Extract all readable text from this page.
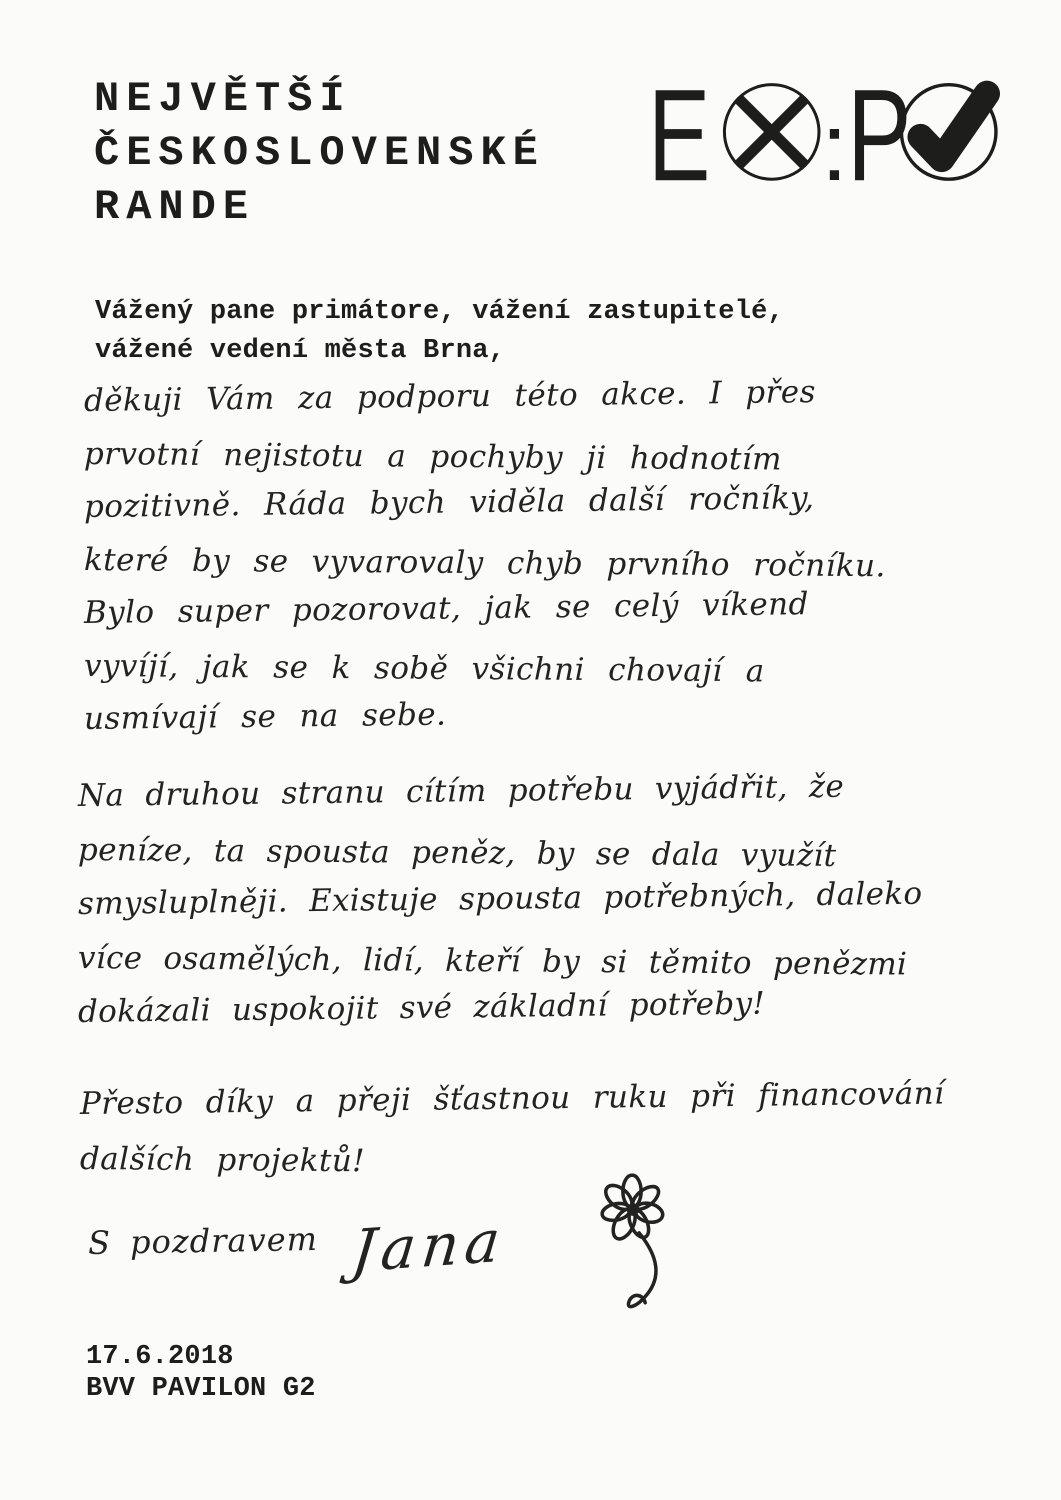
NEJVĚTŠÍ
ČESKOSLOVENSKÉ
RANDE	E : P
Vážený pane primátore, vážení zastupitelé,
vážené vedení města Brna,
děkuji Vám za podporu této akce. I přes
prvotní nejistotu a pochyby ji hodnotím
pozitivně. Ráda bych viděla další ročníky,
které by se vyvarovaly chyb prvního ročníku.
Bylo super pozorovat, jak se celý víkend
vyvíjí, jak se k sobě všichni chovají a
usmívají se na sebe.
Na druhou stranu cítím potřebu vyjádřit, že
peníze, ta spousta peněz, by se dala využít
smysluplněji. Existuje spousta potřebných, daleko
více osamělých, lidí, kteří by si těmito penězmi
dokázali uspokojit své základní potřeby!
Přesto díky a přeji šťastnou ruku při financování
dalších projektů!
S pozdravem Jana
17.6.2018
BVV PAVILON G2
